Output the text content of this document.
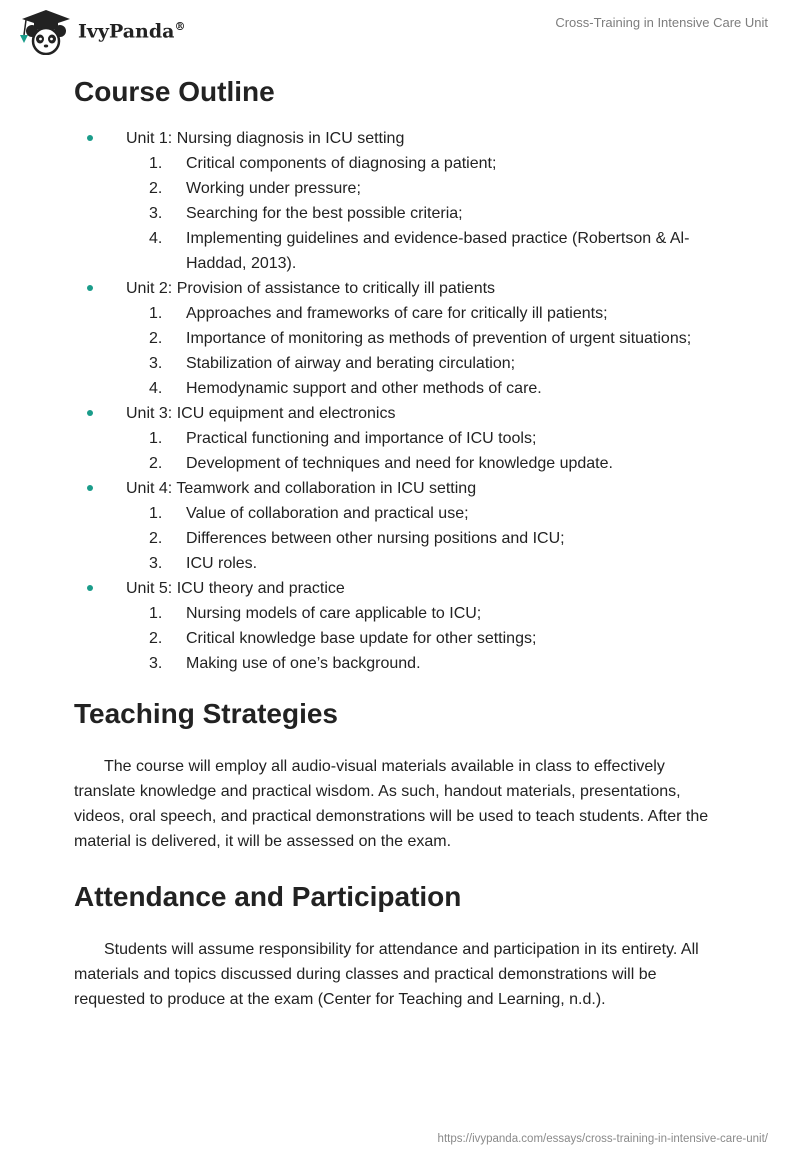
IvyPanda®	Cross-Training in Intensive Care Unit
Course Outline
Unit 1: Nursing diagnosis in ICU setting
1. Critical components of diagnosing a patient;
2. Working under pressure;
3. Searching for the best possible criteria;
4. Implementing guidelines and evidence-based practice (Robertson & Al-Haddad, 2013).
Unit 2: Provision of assistance to critically ill patients
1. Approaches and frameworks of care for critically ill patients;
2. Importance of monitoring as methods of prevention of urgent situations;
3. Stabilization of airway and berating circulation;
4. Hemodynamic support and other methods of care.
Unit 3: ICU equipment and electronics
1. Practical functioning and importance of ICU tools;
2. Development of techniques and need for knowledge update.
Unit 4: Teamwork and collaboration in ICU setting
1. Value of collaboration and practical use;
2. Differences between other nursing positions and ICU;
3. ICU roles.
Unit 5: ICU theory and practice
1. Nursing models of care applicable to ICU;
2. Critical knowledge base update for other settings;
3. Making use of one’s background.
Teaching Strategies

The course will employ all audio-visual materials available in class to effectively translate knowledge and practical wisdom. As such, handout materials, presentations, videos, oral speech, and practical demonstrations will be used to teach students. After the material is delivered, it will be assessed on the exam.

Attendance and Participation

Students will assume responsibility for attendance and participation in its entirety. All materials and topics discussed during classes and practical demonstrations will be requested to produce at the exam (Center for Teaching and Learning, n.d.).

https://ivypanda.com/essays/cross-training-in-intensive-care-unit/
